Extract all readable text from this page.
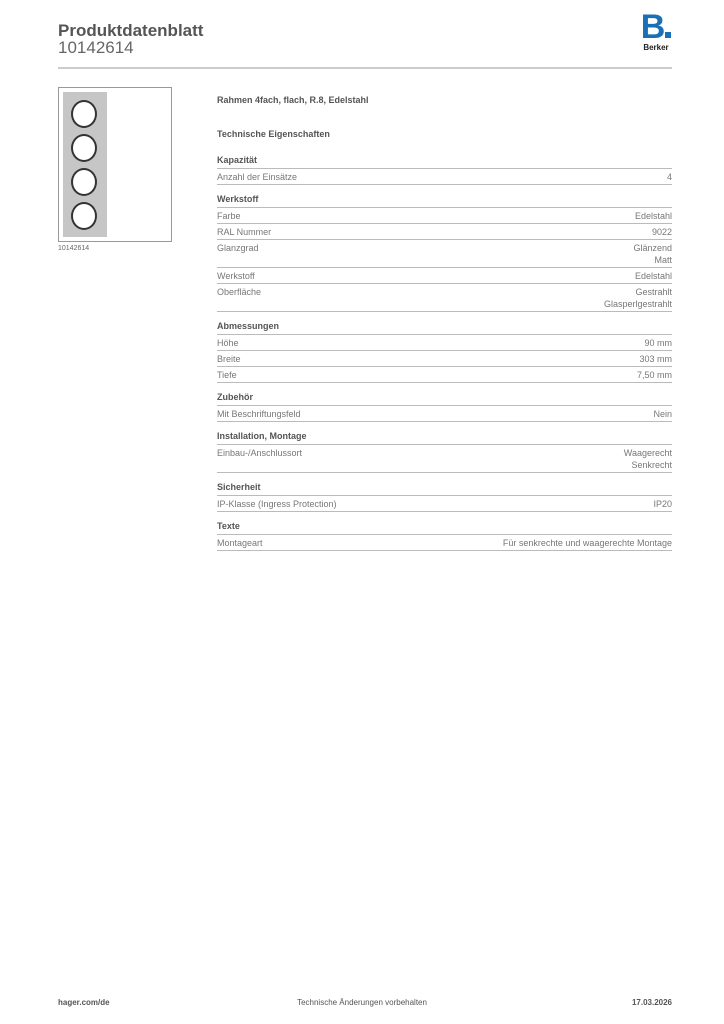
Produktdatenblatt
10142614
B
Berker
10142614
Rahmen 4fach, flach, R.8, Edelstahl
Technische Eigenschaften
Kapazität
Anzahl der Einsätze	4
Werkstoff
Farbe	Edelstahl
RAL Nummer	9022
Glanzgrad	Glänzend
Matt
Werkstoff	Edelstahl
Oberfläche	Gestrahlt
Glasperlgestrahlt
Abmessungen
Höhe	90 mm
Breite	303 mm
Tiefe	7,50 mm
Zubehör
Mit Beschriftungsfeld	Nein
Installation, Montage
Einbau-/Anschlussort	Waagerecht
Senkrecht
Sicherheit
IP-Klasse (Ingress Protection)	IP20
Texte
Montageart	Für senkrechte und waagerechte Montage
hager.com/de	Technische Änderungen vorbehalten	17.03.2026
